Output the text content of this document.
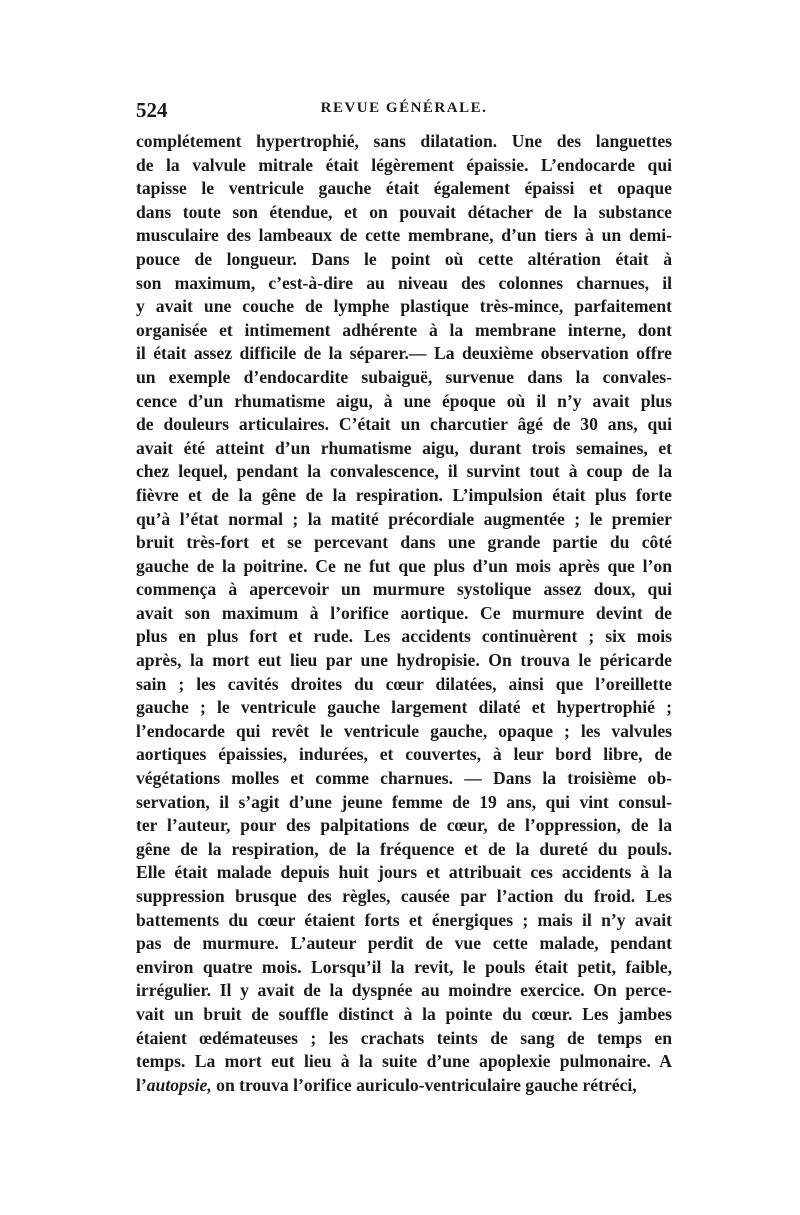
524	REVUE GÉNÉRALE.
complétement hypertrophié, sans dilatation. Une des languettes
de la valvule mitrale était légèrement épaissie. L’endocarde qui
tapisse le ventricule gauche était également épaissi et opaque
dans toute son étendue, et on pouvait détacher de la substance
musculaire des lambeaux de cette membrane, d’un tiers à un demi-
pouce de longueur. Dans le point où cette altération était à
son maximum, c’est-à-dire au niveau des colonnes charnues, il
y avait une couche de lymphe plastique très-mince, parfaitement
organisée et intimement adhérente à la membrane interne, dont
il était assez difficile de la séparer.— La deuxième observation offre
un exemple d’endocardite subaiguë, survenue dans la convales-
cence d’un rhumatisme aigu, à une époque où il n’y avait plus
de douleurs articulaires. C’était un charcutier âgé de 30 ans, qui
avait été atteint d’un rhumatisme aigu, durant trois semaines, et
chez lequel, pendant la convalescence, il survint tout à coup de la
fièvre et de la gêne de la respiration. L’impulsion était plus forte
qu’à l’état normal ; la matité précordiale augmentée ; le premier
bruit très-fort et se percevant dans une grande partie du côté
gauche de la poitrine. Ce ne fut que plus d’un mois après que l’on
commença à apercevoir un murmure systolique assez doux, qui
avait son maximum à l’orifice aortique. Ce murmure devint de
plus en plus fort et rude. Les accidents continuèrent ; six mois
après, la mort eut lieu par une hydropisie. On trouva le péricarde
sain ; les cavités droites du cœur dilatées, ainsi que l’oreillette
gauche ; le ventricule gauche largement dilaté et hypertrophié ;
l’endocarde qui revêt le ventricule gauche, opaque ; les valvules
aortiques épaissies, indurées, et couvertes, à leur bord libre, de
végétations molles et comme charnues. — Dans la troisième ob-
servation, il s’agit d’une jeune femme de 19 ans, qui vint consul-
ter l’auteur, pour des palpitations de cœur, de l’oppression, de la
gêne de la respiration, de la fréquence et de la dureté du pouls.
Elle était malade depuis huit jours et attribuait ces accidents à la
suppression brusque des règles, causée par l’action du froid. Les
battements du cœur étaient forts et énergiques ; mais il n’y avait
pas de murmure. L’auteur perdit de vue cette malade, pendant
environ quatre mois. Lorsqu’il la revit, le pouls était petit, faible,
irrégulier. Il y avait de la dyspnée au moindre exercice. On perce-
vait un bruit de souffle distinct à la pointe du cœur. Les jambes
étaient œdémateuses ; les crachats teints de sang de temps en
temps. La mort eut lieu à la suite d’une apoplexie pulmonaire. A
l’autopsie, on trouva l’orifice auriculo-ventriculaire gauche rétréci,
